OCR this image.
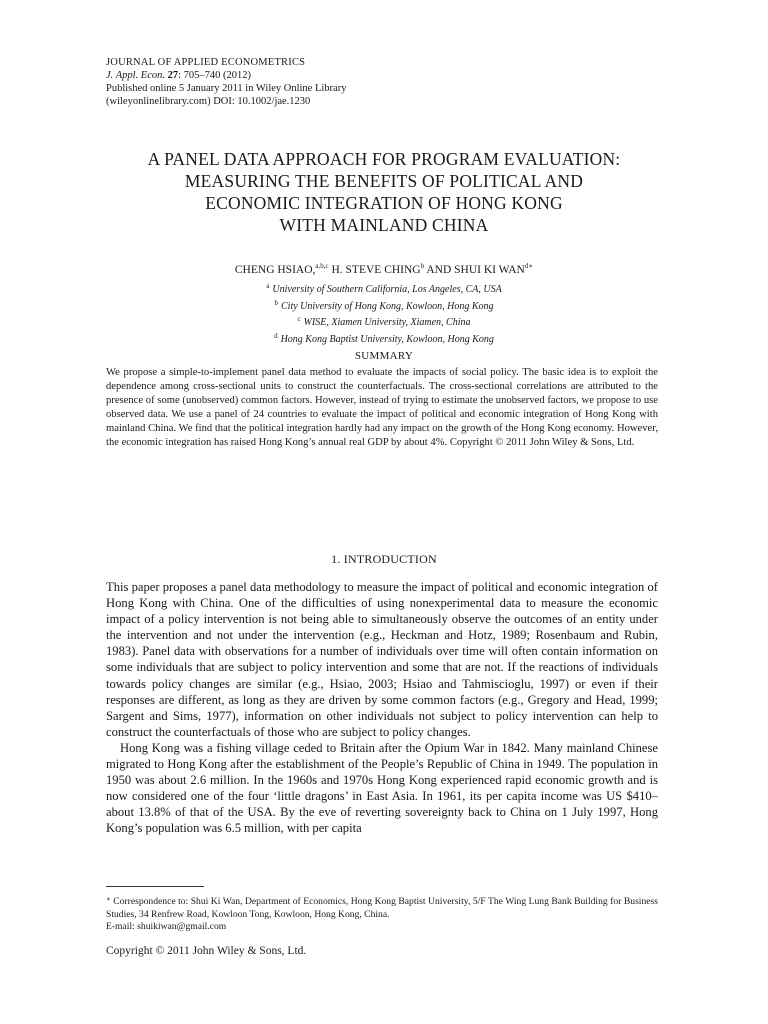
JOURNAL OF APPLIED ECONOMETRICS
J. Appl. Econ. 27: 705–740 (2012)
Published online 5 January 2011 in Wiley Online Library
(wileyonlinelibrary.com) DOI: 10.1002/jae.1230
A PANEL DATA APPROACH FOR PROGRAM EVALUATION:
MEASURING THE BENEFITS OF POLITICAL AND
ECONOMIC INTEGRATION OF HONG KONG
WITH MAINLAND CHINA
CHENG HSIAO,$^{a,b,c}$ H. STEVE CHING$^b$ AND SHUI KI $WAN^{d∗}$
$^a$ University of Southern California, Los Angeles, CA, USA
$^b$ City University of Hong Kong, Kowloon, Hong Kong
$^c$ WISE, Xiamen University, Xiamen, China
$^d$ Hong Kong Baptist University, Kowloon, Hong Kong
SUMMARY

We propose a simple-to-implement panel data method to evaluate the impacts of social policy. The basic idea is to exploit the dependence among cross-sectional units to construct the counterfactuals. The cross-sectional correlations are attributed to the presence of some (unobserved) common factors. However, instead of trying to estimate the unobserved factors, we propose to use observed data. We use a panel of 24 countries to evaluate the impact of political and economic integration of Hong Kong with mainland China. We find that the political integration hardly had any impact on the growth of the Hong Kong economy. However, the economic integration has raised Hong Kong’s annual real GDP by about 4%. Copyright © 2011 John Wiley & Sons, Ltd.

1. INTRODUCTION

This paper proposes a panel data methodology to measure the impact of political and economic integration of Hong Kong with China. One of the difficulties of using nonexperimental data to measure the economic impact of a policy intervention is not being able to simultaneously observe the outcomes of an entity under the intervention and not under the intervention (e.g., Heckman and Hotz, 1989; Rosenbaum and Rubin, 1983). Panel data with observations for a number of individuals over time will often contain information on some individuals that are subject to policy intervention and some that are not. If the reactions of individuals towards policy changes are similar (e.g., Hsiao, 2003; Hsiao and Tahmiscioglu, 1997) or even if their responses are different, as long as they are driven by some common factors (e.g., Gregory and Head, 1999; Sargent and Sims, 1977), information on other individuals not subject to policy intervention can help to construct the counterfactuals of those who are subject to policy changes.

Hong Kong was a fishing village ceded to Britain after the Opium War in 1842. Many mainland Chinese migrated to Hong Kong after the establishment of the People’s Republic of China in 1949. The population in 1950 was about 2.6 million. In the 1960s and 1970s Hong Kong experienced rapid economic growth and is now considered one of the four ‘little dragons’ in East Asia. In 1961, its per capita income was US $410–about 13.8% of that of the USA. By the eve of reverting sovereignty back to China on 1 July 1997, Hong Kong’s population was 6.5 million, with per capita

∗ Correspondence to: Shui Ki Wan, Department of Economics, Hong Kong Baptist University, 5/F The Wing Lung Bank Building for Business Studies, 34 Renfrew Road, Kowloon Tong, Kowloon, Hong Kong, China.
E-mail: shuikiwan@gmail.com
Copyright © 2011 John Wiley & Sons, Ltd.
